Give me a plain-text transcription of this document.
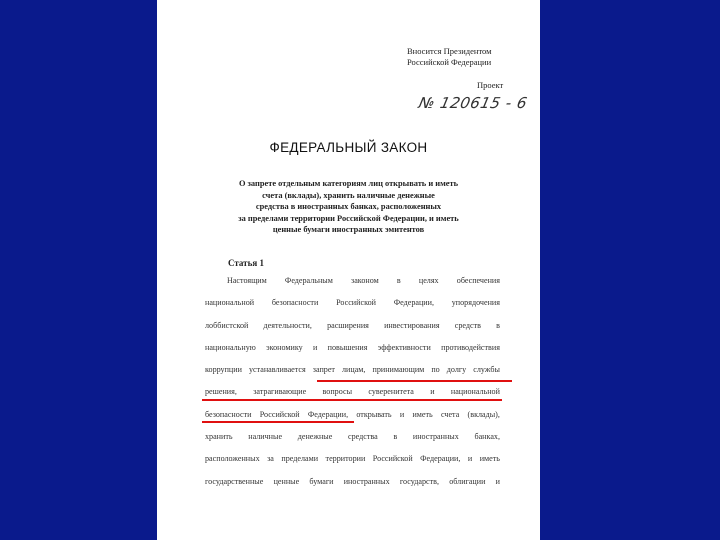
Вносится Президентом
Российской Федерации
Проект
№ 120615 - 6
ФЕДЕРАЛЬНЫЙ ЗАКОН
О запрете отдельным категориям лиц открывать и иметь
счета (вклады), хранить наличные денежные
средства в иностранных банках, расположенных
за пределами территории Российской Федерации, и иметь
ценные бумаги иностранных эмитентов
Статья 1
Настоящим Федеральным законом в целях обеспечения
национальной безопасности Российской Федерации, упорядочения
лоббистской деятельности, расширения инвестирования средств в
национальную экономику и повышения эффективности противодействия
коррупции устанавливается запрет лицам, принимающим по долгу службы
решения, затрагивающие вопросы суверенитета и национальной
безопасности Российской Федерации, открывать и иметь счета (вклады),
хранить наличные денежные средства в иностранных банках,
расположенных за пределами территории Российской Федерации, и иметь
государственные ценные бумаги иностранных государств, облигации и
